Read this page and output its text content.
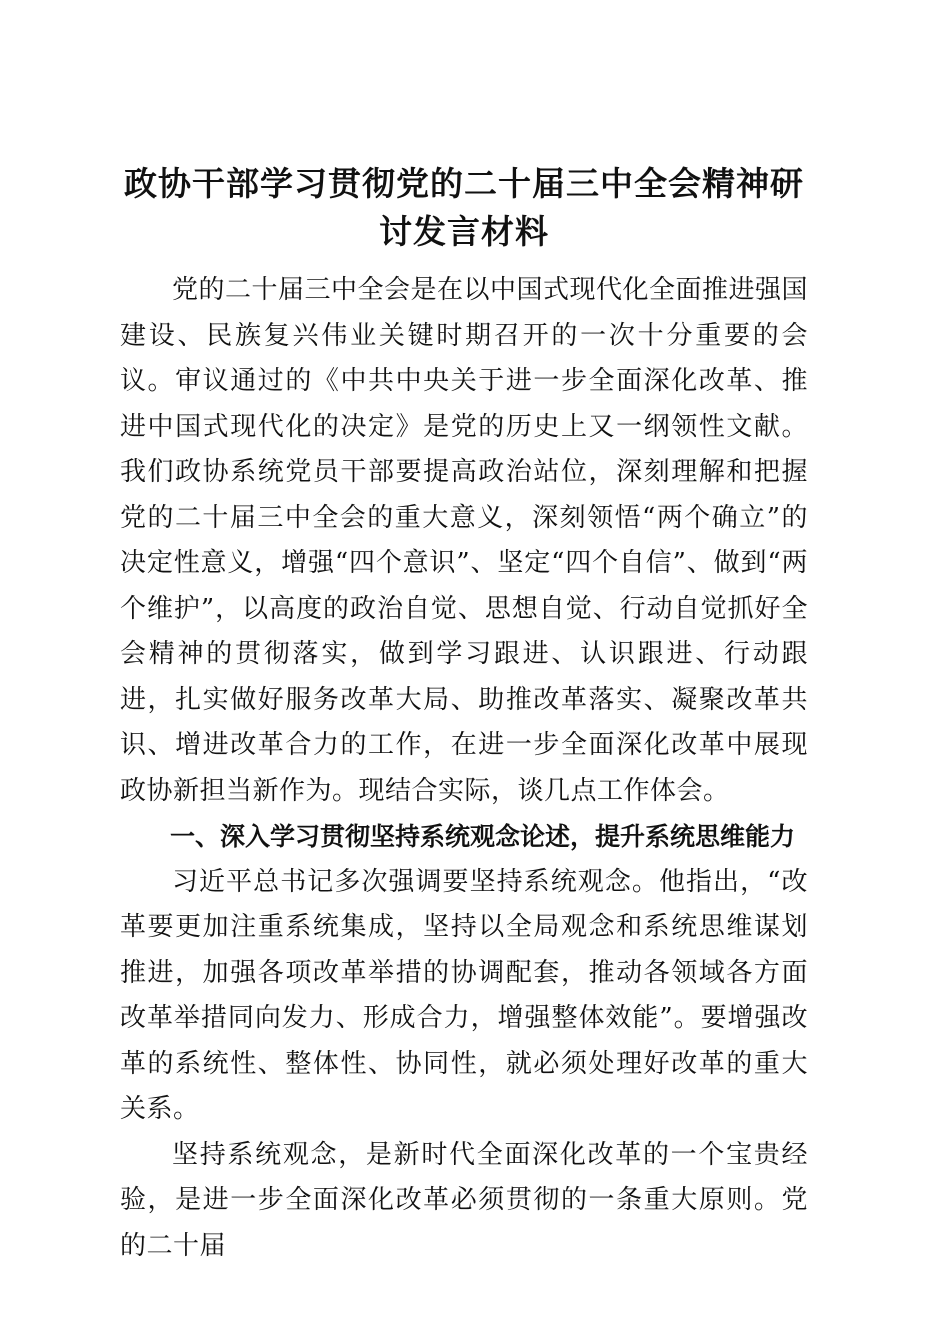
政协干部学习贯彻党的二十届三中全会精神研
讨发言材料

党的二十届三中全会是在以中国式现代化全面推进强国建设、民族复兴伟业关键时期召开的一次十分重要的会议。审议通过的《中共中央关于进一步全面深化改革、推进中国式现代化的决定》是党的历史上又一纲领性文献。我们政协系统党员干部要提高政治站位，深刻理解和把握党的二十届三中全会的重大意义，深刻领悟“两个确立”的决定性意义，增强“四个意识”、坚定“四个自信”、做到“两个维护”，以高度的政治自觉、思想自觉、行动自觉抓好全会精神的贯彻落实，做到学习跟进、认识跟进、行动跟进，扎实做好服务改革大局、助推改革落实、凝聚改革共识、增进改革合力的工作，在进一步全面深化改革中展现政协新担当新作为。现结合实际，谈几点工作体会。

一、深入学习贯彻坚持系统观念论述，提升系统思维能力

习近平总书记多次强调要坚持系统观念。他指出，“改革要更加注重系统集成，坚持以全局观念和系统思维谋划推进，加强各项改革举措的协调配套，推动各领域各方面改革举措同向发力、形成合力，增强整体效能”。要增强改革的系统性、整体性、协同性，就必须处理好改革的重大关系。

坚持系统观念，是新时代全面深化改革的一个宝贵经验，是进一步全面深化改革必须贯彻的一条重大原则。党的二十届
